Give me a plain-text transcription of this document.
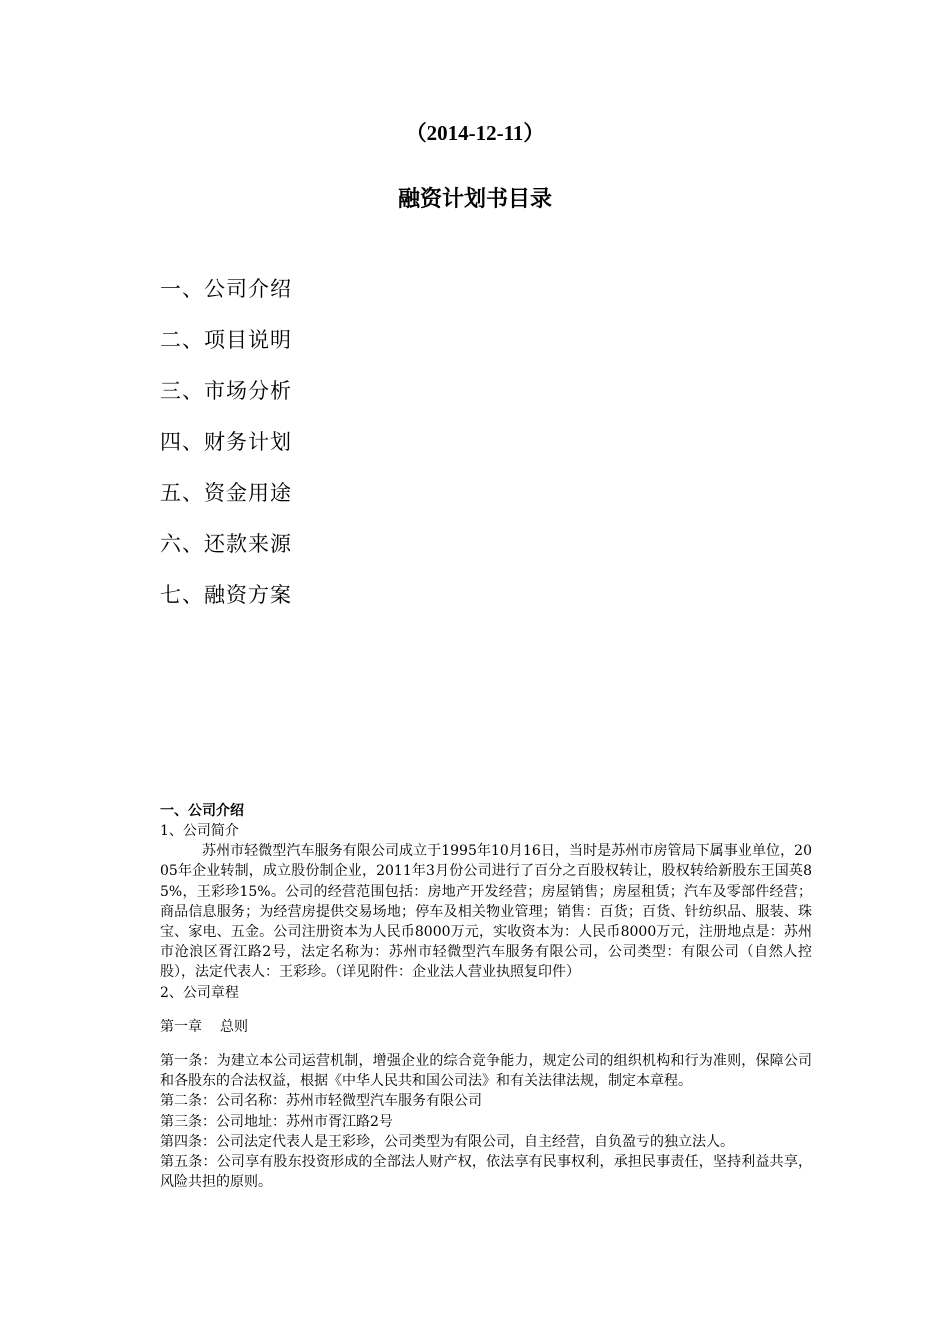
（2014-12-11）
融资计划书目录
一、公司介绍
二、项目说明
三、市场分析
四、财务计划
五、资金用途
六、还款来源
七、融资方案
一、公司介绍
1、公司简介
苏州市轻微型汽车服务有限公司成立于1995年10月16日，当时是苏州市房管局下属事业单位，2005年企业转制，成立股份制企业，2011年3月份公司进行了百分之百股权转让，股权转给新股东王国英85%，王彩珍15%。公司的经营范围包括：房地产开发经营；房屋销售；房屋租赁；汽车及零部件经营；商品信息服务；为经营房提供交易场地；停车及相关物业管理；销售：百货；百货、针纺织品、服装、珠宝、家电、五金。公司注册资本为人民币8000万元，实收资本为：人民币8000万元，注册地点是：苏州市沧浪区胥江路2号，法定名称为：苏州市轻微型汽车服务有限公司，公司类型：有限公司（自然人控股），法定代表人：王彩珍。（详见附件：企业法人营业执照复印件）
2、公司章程
第一章 总则
第一条：为建立本公司运营机制，增强企业的综合竞争能力，规定公司的组织机构和行为准则，保障公司和各股东的合法权益，根据《中华人民共和国公司法》和有关法律法规，制定本章程。
第二条：公司名称：苏州市轻微型汽车服务有限公司
第三条：公司地址：苏州市胥江路2号
第四条：公司法定代表人是王彩珍，公司类型为有限公司，自主经营，自负盈亏的独立法人。
第五条：公司享有股东投资形成的全部法人财产权，依法享有民事权利，承担民事责任，坚持利益共享，风险共担的原则。
